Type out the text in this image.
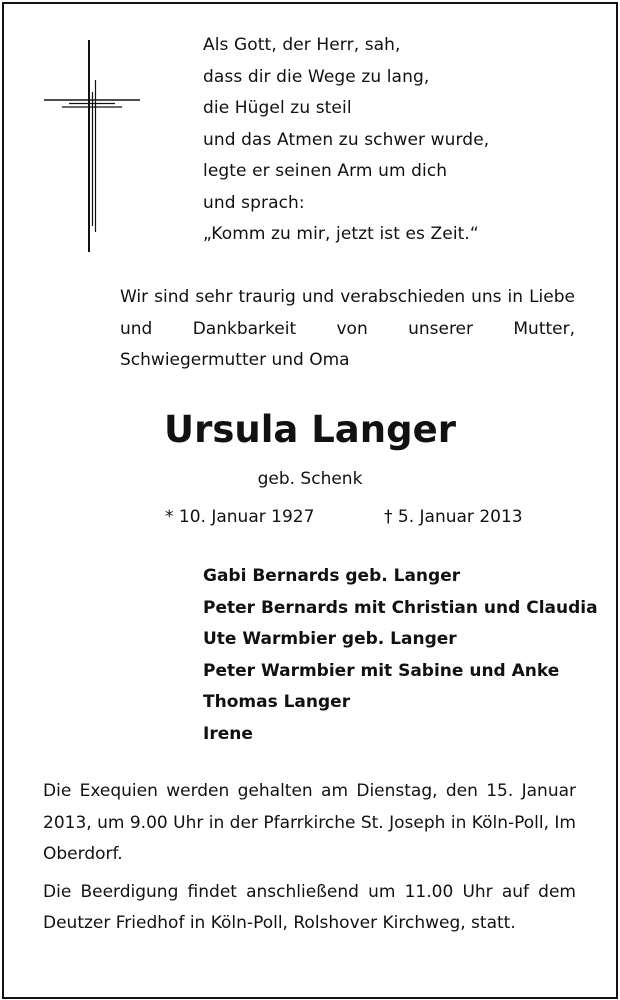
Als Gott, der Herr, sah,
dass dir die Wege zu lang,
die Hügel zu steil
und das Atmen zu schwer wurde,
legte er seinen Arm um dich
und sprach:
„Komm zu mir, jetzt ist es Zeit.“
Wir sind sehr traurig und verabschieden uns in Liebe und Dankbarkeit von unserer Mutter, Schwiegermutter und Oma
Ursula Langer
geb. Schenk
* 10. Januar 1927	† 5. Januar 2013
Gabi Bernards geb. Langer
Peter Bernards mit Christian und Claudia
Ute Warmbier geb. Langer
Peter Warmbier mit Sabine und Anke
Thomas Langer
Irene

Die Exequien werden gehalten am Dienstag, den 15. Januar 2013, um 9.00 Uhr in der Pfarrkirche St. Joseph in Köln-Poll, Im Oberdorf.

Die Beerdigung findet anschließend um 11.00 Uhr auf dem Deutzer Friedhof in Köln-Poll, Rolshover Kirchweg, statt.
